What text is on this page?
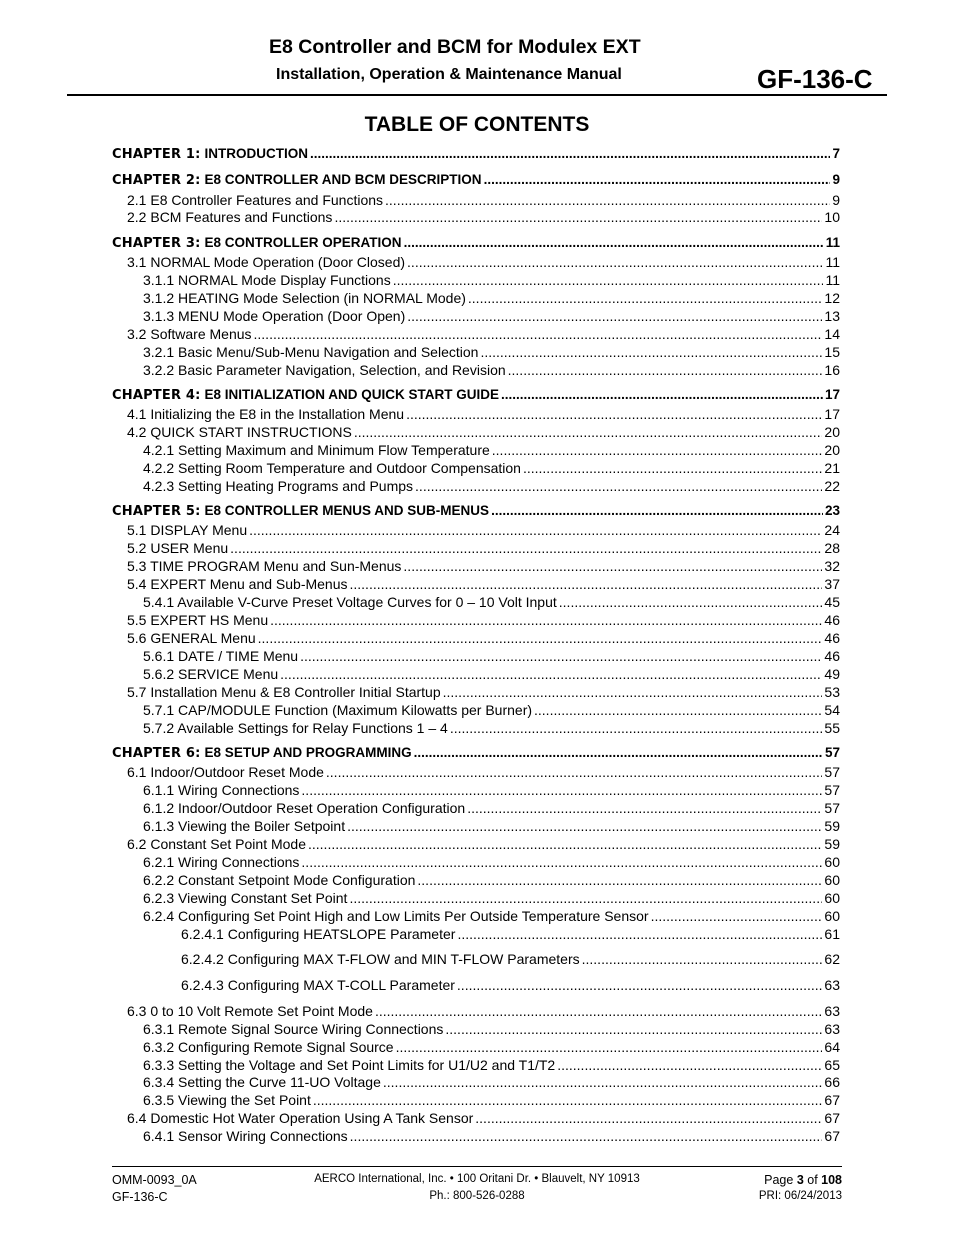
E8 Controller and BCM for Modulex EXT
Installation, Operation & Maintenance Manual	GF-136-C
TABLE OF CONTENTS
CHAPTER 1: INTRODUCTION .....	7
CHAPTER 2: E8 CONTROLLER AND BCM DESCRIPTION .....	9
2.1 E8 Controller Features and Functions .....	9
2.2 BCM Features and Functions .....	10
CHAPTER 3: E8 CONTROLLER OPERATION .....	11
3.1 NORMAL Mode Operation (Door Closed) .....	11
3.1.1 NORMAL Mode Display Functions .....	11
3.1.2 HEATING Mode Selection (in NORMAL Mode) .....	12
3.1.3 MENU Mode Operation (Door Open) .....	13
3.2 Software Menus .....	14
3.2.1 Basic Menu/Sub-Menu Navigation and Selection .....	15
3.2.2 Basic Parameter Navigation, Selection, and Revision .....	16
CHAPTER 4: E8 INITIALIZATION AND QUICK START GUIDE .....	17
4.1 Initializing the E8 in the Installation Menu .....	17
4.2 QUICK START INSTRUCTIONS .....	20
4.2.1 Setting Maximum and Minimum Flow Temperature .....	20
4.2.2 Setting Room Temperature and Outdoor Compensation .....	21
4.2.3 Setting Heating Programs and Pumps .....	22
CHAPTER 5: E8 CONTROLLER MENUS AND SUB-MENUS .....	23
5.1 DISPLAY Menu .....	24
5.2 USER Menu .....	28
5.3 TIME PROGRAM Menu and Sun-Menus .....	32
5.4 EXPERT Menu and Sub-Menus .....	37
5.4.1 Available V-Curve Preset Voltage Curves for 0 – 10 Volt Input .....	45
5.5 EXPERT HS Menu .....	46
5.6 GENERAL Menu .....	46
5.6.1 DATE / TIME Menu .....	46
5.6.2 SERVICE Menu .....	49
5.7 Installation Menu & E8 Controller Initial Startup .....	53
5.7.1 CAP/MODULE Function (Maximum Kilowatts per Burner) .....	54
5.7.2 Available Settings for Relay Functions 1 – 4 .....	55
CHAPTER 6: E8 SETUP AND PROGRAMMING .....	57
6.1 Indoor/Outdoor Reset Mode .....	57
6.1.1 Wiring Connections .....	57
6.1.2 Indoor/Outdoor Reset Operation Configuration .....	57
6.1.3 Viewing the Boiler Setpoint .....	59
6.2 Constant Set Point Mode .....	59
6.2.1 Wiring Connections .....	60
6.2.2 Constant Setpoint Mode Configuration .....	60
6.2.3 Viewing Constant Set Point .....	60
6.2.4 Configuring Set Point High and Low Limits Per Outside Temperature Sensor .....	60
6.2.4.1 Configuring HEATSLOPE Parameter .....	61
6.2.4.2 Configuring MAX T-FLOW and MIN T-FLOW Parameters .....	62
6.2.4.3 Configuring MAX T-COLL Parameter .....	63
6.3 0 to 10 Volt Remote Set Point Mode .....	63
6.3.1 Remote Signal Source Wiring Connections .....	63
6.3.2 Configuring Remote Signal Source .....	64
6.3.3 Setting the Voltage and Set Point Limits for U1/U2 and T1/T2 .....	65
6.3.4 Setting the Curve 11-UO Voltage .....	66
6.3.5 Viewing the Set Point .....	67
6.4 Domestic Hot Water Operation Using A Tank Sensor .....	67
6.4.1 Sensor Wiring Connections .....	67
OMM-0093_0A
GF-136-C
AERCO International, Inc. • 100 Oritani Dr. • Blauvelt, NY 10913
Ph.: 800-526-0288
Page 3 of 108
PRI: 06/24/2013
